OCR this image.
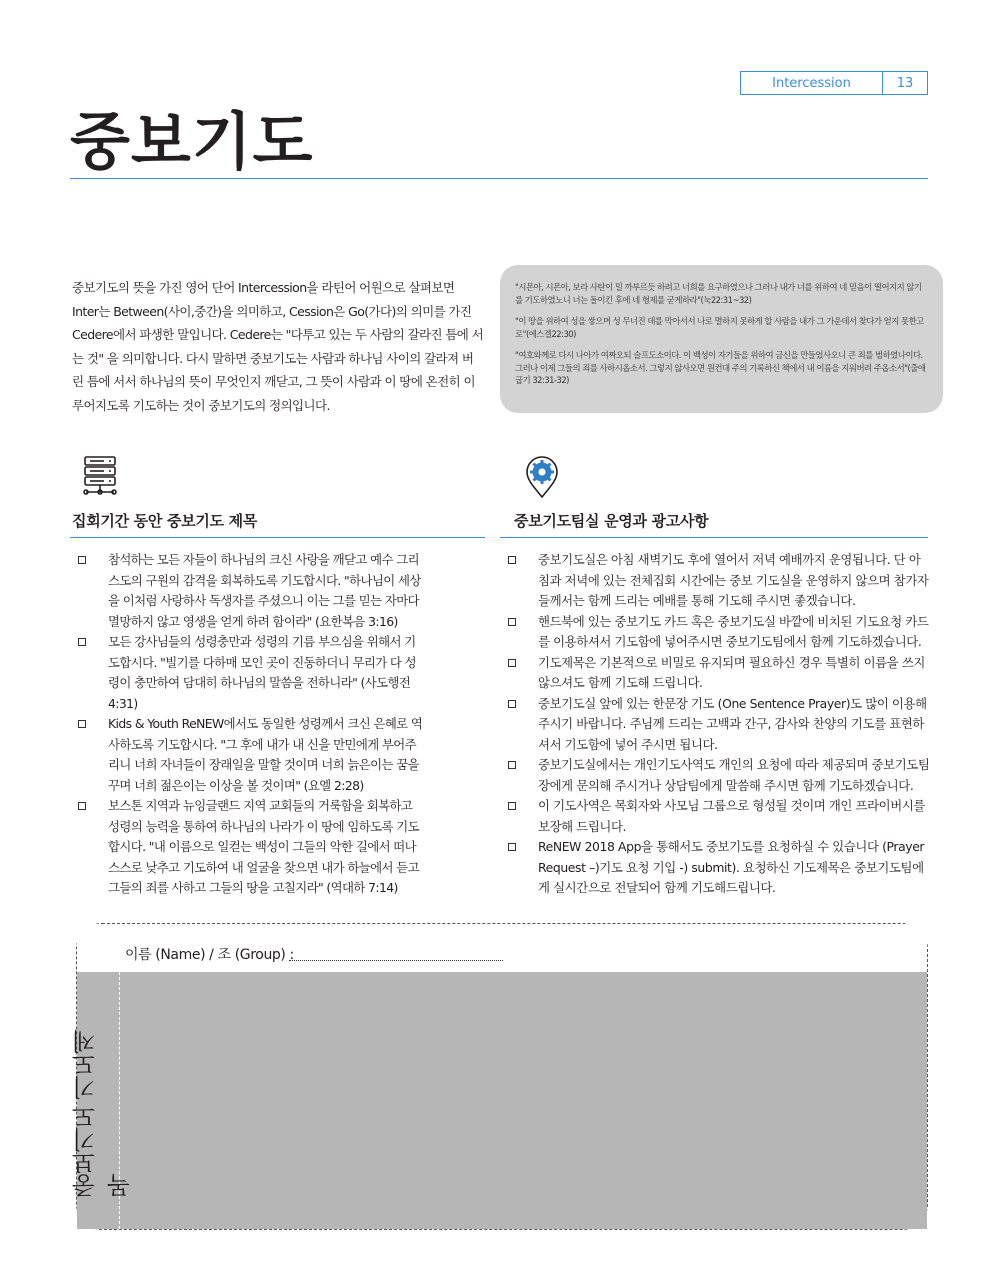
Intercession	13
중보기도

중보기도의 뜻을 가진 영어 단어 Intercession을 라틴어 어원으로 살펴보면 Inter는 Between(사이,중간)을 의미하고, Cession은 Go(가다)의 의미를 가진 Cedere에서 파생한 말입니다. Cedere는 "다투고 있는 두 사람의 갈라진 틈에 서는 것" 을 의미합니다. 다시 말하면 중보기도는 사람과 하나님 사이의 갈라져 버린 틈에 서서 하나님의 뜻이 무엇인지 깨닫고, 그 뜻이 사람과 이 땅에 온전히 이루어지도록 기도하는 것이 중보기도의 정의입니다.

"시몬아, 시몬아, 보라 사탄이 밀 까부르듯 하려고 너희를 요구하였으나 그러나 내가 너를 위하여 네 믿음이 떨어지지 않기를 기도하였노니 너는 돌이킨 후에 네 형제를 굳게하라"(눅22:31~32)

"이 땅을 위하여 성을 쌓으며 성 무너진 데를 막아서서 나로 멸하지 못하게 할 사람을 내가 그 가운데서 찾다가 얻지 못한고로"(에스겔22:30)

"여호와께로 다시 나아가 여짜오되 슬프도소이다. 이 백성이 자기들을 위하여 금신을 만들었사오니 큰 죄를 범하였나이다. 그러나 이제 그들의 죄를 사하시옵소서. 그렇지 않사오면 원컨대 주의 기록하신 책에서 내 이름을 지워버려 주옵소서"(출애굽기 32:31-32)

집회기간 동안 중보기도 제목	중보기도팀실 운영과 광고사항
참석하는 모든 자들이 하나님의 크신 사랑을 깨닫고 예수 그리스도의 구원의 감격을 회복하도록 기도합시다. "하나님이 세상을 이처럼 사랑하사 독생자를 주셨으니 이는 그를 믿는 자마다 멸망하지 않고 영생을 얻게 하려 함이라" (요한복음 3:16)
모든 강사님들의 성령충만과 성령의 기름 부으심을 위해서 기도합시다. "빌기를 다하매 모인 곳이 진동하더니 무리가 다 성령이 충만하여 담대히 하나님의 말씀을 전하니라" (사도행전 4:31)
Kids & Youth ReNEW에서도 동일한 성령께서 크신 은혜로 역사하도록 기도합시다. "그 후에 내가 내 신을 만민에게 부어주리니 너희 자녀들이 장래일을 말할 것이며 너희 늙은이는 꿈을 꾸며 너희 젊은이는 이상을 볼 것이며" (요엘 2:28)
보스톤 지역과 뉴잉글랜드 지역 교회들의 거룩함을 회복하고 성령의 능력을 통하여 하나님의 나라가 이 땅에 임하도록 기도합시다. "내 이름으로 일컫는 백성이 그들의 악한 길에서 떠나 스스로 낮추고 기도하여 내 얼굴을 찾으면 내가 하늘에서 듣고 그들의 죄를 사하고 그들의 땅을 고칠지라" (역대하 7:14)
중보기도실은 아침 새벽기도 후에 열어서 저녁 예배까지 운영됩니다. 단 아침과 저녁에 있는 전체집회 시간에는 중보 기도실을 운영하지 않으며 참가자들께서는 함께 드리는 예배를 통해 기도해 주시면 좋겠습니다.
핸드북에 있는 중보기도 카드 혹은 중보기도실 바깥에 비치된 기도요청 카드를 이용하셔서 기도함에 넣어주시면 중보기도팀에서 함께 기도하겠습니다.
기도제목은 기본적으로 비밀로 유지되며 필요하신 경우 특별히 이름을 쓰지 않으셔도 함께 기도해 드립니다.
중보기도실 앞에 있는 한문장 기도 (One Sentence Prayer)도 많이 이용해 주시기 바랍니다. 주님께 드리는 고백과 간구, 감사와 찬양의 기도를 표현하셔서 기도함에 넣어 주시면 됩니다.
중보기도실에서는 개인기도사역도 개인의 요청에 따라 제공되며 중보기도팀장에게 문의해 주시거나 상담팀에게 말씀해 주시면 함께 기도하겠습니다.
이 기도사역은 목회자와 사모님 그룹으로 형성될 것이며 개인 프라이버시를 보장해 드립니다.
ReNEW 2018 App을 통해서도 중보기도를 요청하실 수 있습니다 (Prayer Request –)기도 요청 기입 -) submit). 요청하신 기도제목은 중보기도팀에게 실시간으로 전달되어 함께 기도해드립니다.
이름 (Name) / 조 (Group) :
